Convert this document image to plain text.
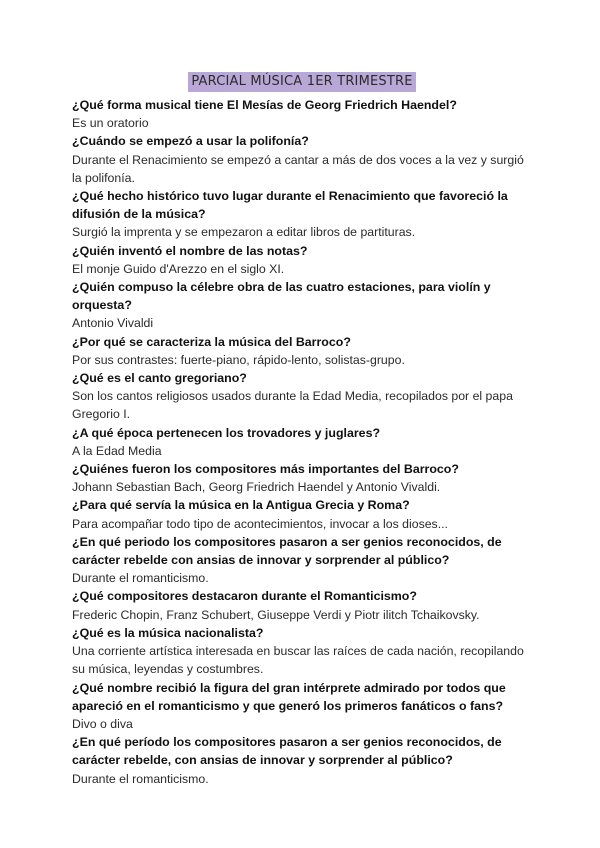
PARCIAL MÚSICA 1ER TRIMESTRE
¿Qué forma musical tiene El Mesías de Georg Friedrich Haendel?
Es un oratorio
¿Cuándo se empezó a usar la polifonía?
Durante el Renacimiento se empezó a cantar a más de dos voces a la vez y surgió la polifonía.
¿Qué hecho histórico tuvo lugar durante el Renacimiento que favoreció la difusión de la música?
Surgió la imprenta y se empezaron a editar libros de partituras.
¿Quién inventó el nombre de las notas?
El monje Guido d'Arezzo en el siglo XI.
¿Quién compuso la célebre obra de las cuatro estaciones, para violín y orquesta?
Antonio Vivaldi
¿Por qué se caracteriza la música del Barroco?
Por sus contrastes: fuerte-piano, rápido-lento, solistas-grupo.
¿Qué es el canto gregoriano?
Son los cantos religiosos usados durante la Edad Media, recopilados por el papa Gregorio I.
¿A qué época pertenecen los trovadores y juglares?
A la Edad Media
¿Quiénes fueron los compositores más importantes del Barroco?
Johann Sebastian Bach, Georg Friedrich Haendel y Antonio Vivaldi.
¿Para qué servía la música en la Antigua Grecia y Roma?
Para acompañar todo tipo de acontecimientos, invocar a los dioses...
¿En qué periodo los compositores pasaron a ser genios reconocidos, de carácter rebelde con ansias de innovar y sorprender al público?
Durante el romanticismo.
¿Qué compositores destacaron durante el Romanticismo?
Frederic Chopin, Franz Schubert, Giuseppe Verdi y Piotr ilitch Tchaikovsky.
¿Qué es la música nacionalista?
Una corriente artística interesada en buscar las raíces de cada nación, recopilando su música, leyendas y costumbres.
¿Qué nombre recibió la figura del gran intérprete admirado por todos que apareció en el romanticismo y que generó los primeros fanáticos o fans?
Divo o diva
¿En qué período los compositores pasaron a ser genios reconocidos, de carácter rebelde, con ansias de innovar y sorprender al público?
Durante el romanticismo.
